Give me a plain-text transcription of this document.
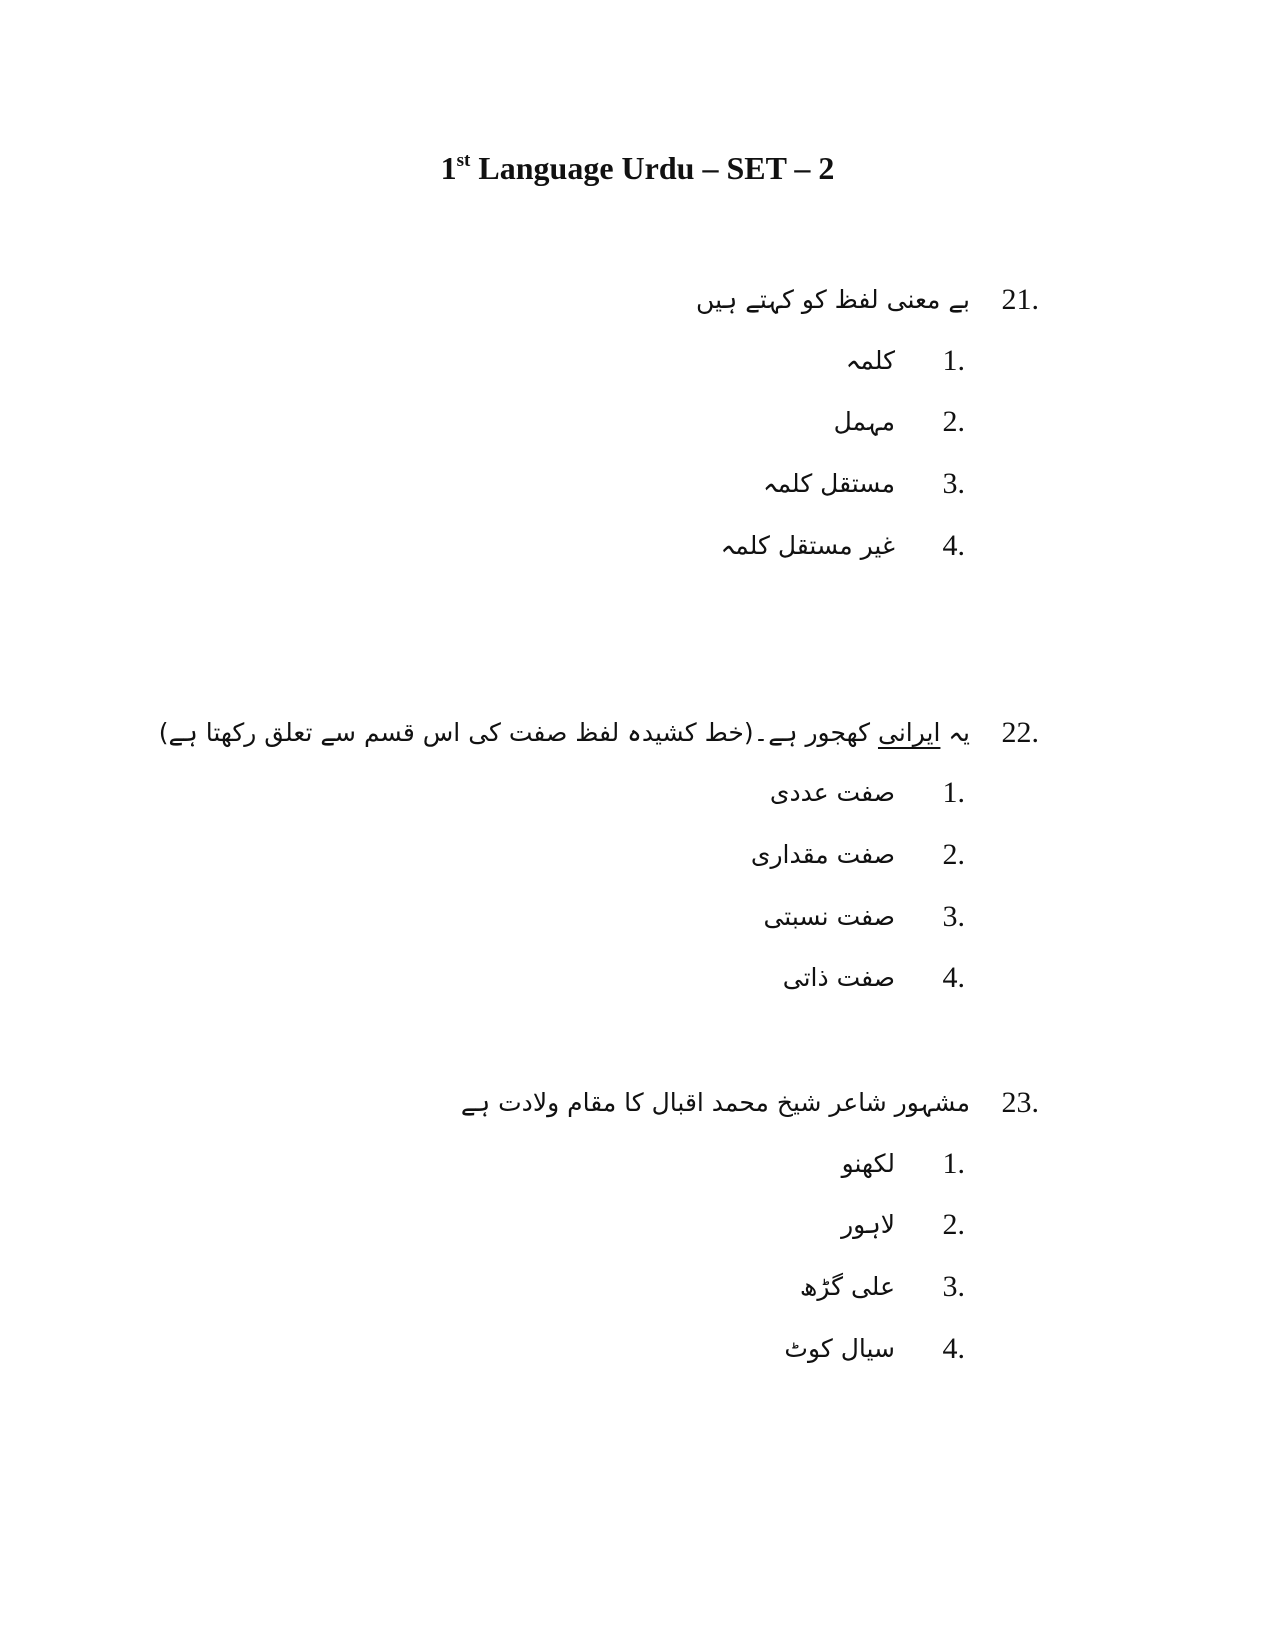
1st Language Urdu – SET – 2
21.
بے معنی لفظ کو کہتے ہیں
1.
کلمہ
2.
مہمل
3.
مستقل کلمہ
4.
غیر مستقل کلمہ
22.
یہ ایرانی کھجور ہے۔(خط کشیدہ لفظ صفت کی اس قسم سے تعلق رکھتا ہے)
1.
صفت عددی
2.
صفت مقداری
3.
صفت نسبتی
4.
صفت ذاتی
23.
مشہور شاعر شیخ محمد اقبال کا مقام ولادت ہے
1.
لکھنو
2.
لاہور
3.
علی گڑھ
4.
سیال کوٹ
